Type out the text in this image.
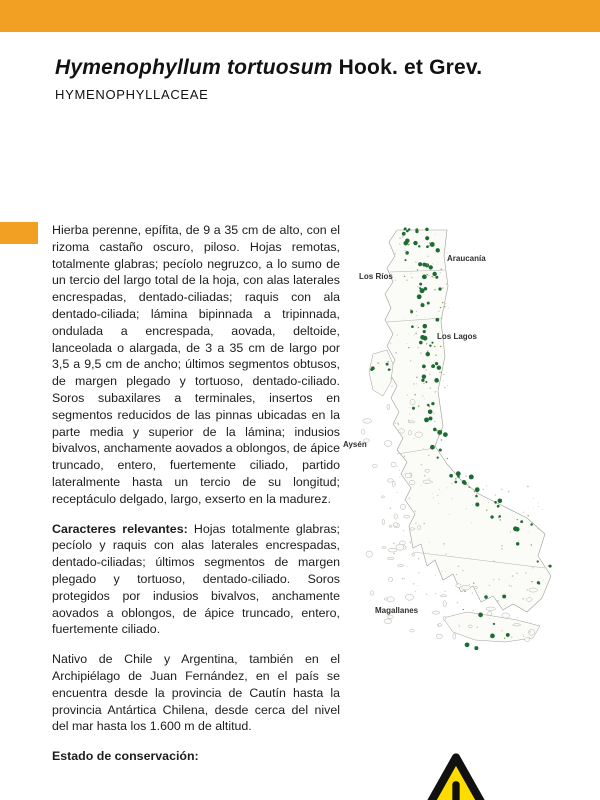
Hymenophyllum tortuosum Hook. et Grev.
HYMENOPHYLLACEAE

Hierba perenne, epífita, de 9 a 35 cm de alto, con el rizoma castaño oscuro, piloso. Hojas remotas, totalmente glabras; pecíolo negruzco, a lo sumo de un tercio del largo total de la hoja, con alas laterales encrespadas, dentado-ciliadas; raquis con ala dentado-ciliada; lámina bipinnada a tripinnada, ondulada a encrespada, aovada, deltoide, lanceolada o alargada, de 3 a 35 cm de largo por 3,5 a 9,5 cm de ancho; últimos segmentos obtusos, de margen plegado y tortuoso, dentado-ciliado. Soros subaxilares a terminales, insertos en segmentos reducidos de las pinnas ubicadas en la parte media y superior de la lámina; indusios bivalvos, anchamente aovados a oblongos, de ápice truncado, entero, fuertemente ciliado, partido lateralmente hasta un tercio de su longitud; receptáculo delgado, largo, exserto en la madurez.

Caracteres relevantes: Hojas totalmente glabras; pecíolo y raquis con alas laterales encrespadas, dentado-ciliadas; últimos segmentos de margen plegado y tortuoso, dentado-ciliado. Soros protegidos por indusios bivalvos, anchamente aovados a oblongos, de ápice truncado, entero, fuertemente ciliado.

Nativo de Chile y Argentina, también en el Archipiélago de Juan Fernández, en el país se encuentra desde la provincia de Cautín hasta la provincia Antártica Chilena, desde cerca del nivel del mar hasta los 1.600 m de altitud.

Estado de conservación:

Araucanía
Los Ríos
Los Lagos
Aysén
Magallanes
